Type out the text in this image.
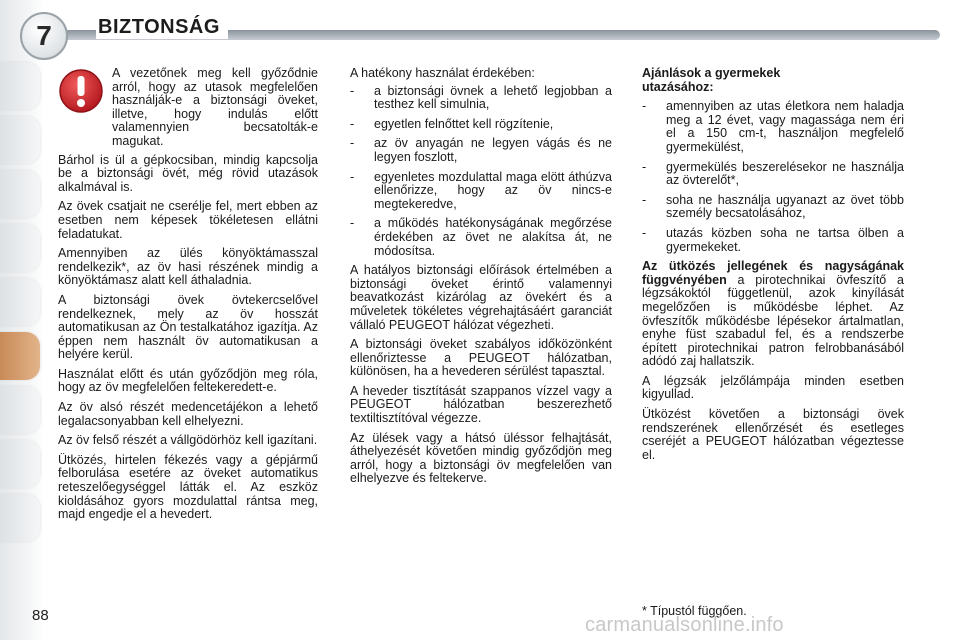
7 BIZTONSÁG

A vezetőnek meg kell győződnie arról, hogy az utasok megfelelően használják-e a biztonsági öveket, illetve, hogy indulás előtt valamennyien becsatolták-e magukat.

Bárhol is ül a gépkocsiban, mindig kapcsolja be a biztonsági övét, még rövid utazások alkalmával is.

Az övek csatjait ne cserélje fel, mert ebben az esetben nem képesek tökéletesen ellátni feladatukat.

Amennyiben az ülés könyöktámasszal rendelkezik*, az öv hasi részének mindig a könyöktámasz alatt kell áthaladnia.

A biztonsági övek övtekercselővel rendelkeznek, mely az öv hosszát automatikusan az Ön testalkatához igazítja. Az éppen nem használt öv automatikusan a helyére kerül.

Használat előtt és után győződjön meg róla, hogy az öv megfelelően feltekeredett-e.

Az öv alsó részét medencetájékon a lehető legalacsonyabban kell elhelyezni.

Az öv felső részét a vállgödörhöz kell igazítani.

Ütközés, hirtelen fékezés vagy a gépjármű felborulása esetére az öveket automatikus reteszelőegységgel látták el. Az eszköz kioldásához gyors mozdulattal rántsa meg, majd engedje el a hevedert.

A hatékony használat érdekében:

- a biztonsági övnek a lehető legjobban a testhez kell simulnia,
- egyetlen felnőttet kell rögzítenie,
- az öv anyagán ne legyen vágás és ne legyen foszlott,
- egyenletes mozdulattal maga elött áthúzva ellenőrizze, hogy az öv nincs-e megtekeredve,
- a működés hatékonyságának megőrzése érdekében az övet ne alakítsa át, ne módosítsa.

A hatályos biztonsági előírások értelmében a biztonsági öveket érintő valamennyi beavatkozást kizárólag az övekért és a műveletek tökéletes végrehajtásáért garanciát vállaló PEUGEOT hálózat végezheti.

A biztonsági öveket szabályos időközönként ellenőriztesse a PEUGEOT hálózatban, különösen, ha a hevederen sérülést tapasztal.

A heveder tisztítását szappanos vízzel vagy a PEUGEOT hálózatban beszerezhető textiltisztítóval végezze.

Az ülések vagy a hátsó üléssor felhajtását, áthelyezését követően mindig győződjön meg arról, hogy a biztonsági öv megfelelően van elhelyezve és feltekerve.

Ajánlások a gyermekek utazásához:

- amennyiben az utas életkora nem haladja meg a 12 évet, vagy magassága nem éri el a 150 cm-t, használjon megfelelő gyermekülést,
- gyermekülés beszerelésekor ne használja az övterelőt*,
- soha ne használja ugyanazt az övet több személy becsatolásához,
- utazás közben soha ne tartsa ölben a gyermekeket.

Az ütközés jellegének és nagyságának függvényében a pirotechnikai övfeszítő a légzsákoktól függetlenül, azok kinyílását megelőzően is működésbe léphet. Az övfeszítők működésbe lépésekor ártalmatlan, enyhe füst szabadul fel, és a rendszerbe épített pirotechnikai patron felrobbanásából adódó zaj hallatszik.

A légzsák jelzőlámpája minden esetben kigyullad.

Ütközést követően a biztonsági övek rendszerének ellenőrzését és esetleges cseréjét a PEUGEOT hálózatban végeztesse el.

88	* Típustól függően.
carmanualsonline.info
